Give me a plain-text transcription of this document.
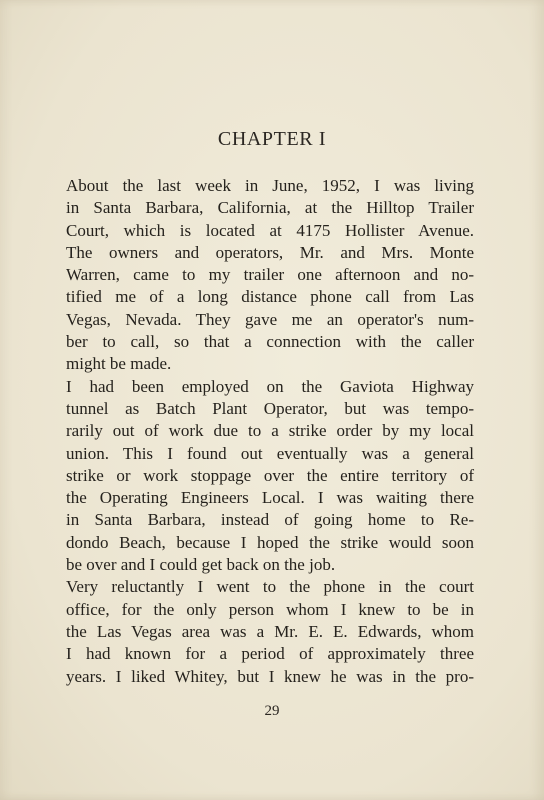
CHAPTER I
About the last week in June, 1952, I was living
in Santa Barbara, California, at the Hilltop Trailer
Court, which is located at 4175 Hollister Avenue.
The owners and operators, Mr. and Mrs. Monte
Warren, came to my trailer one afternoon and no-
tified me of a long distance phone call from Las
Vegas, Nevada. They gave me an operator's num-
ber to call, so that a connection with the caller
might be made.
I had been employed on the Gaviota Highway
tunnel as Batch Plant Operator, but was tempo-
rarily out of work due to a strike order by my local
union. This I found out eventually was a general
strike or work stoppage over the entire territory of
the Operating Engineers Local. I was waiting there
in Santa Barbara, instead of going home to Re-
dondo Beach, because I hoped the strike would soon
be over and I could get back on the job.
Very reluctantly I went to the phone in the court
office, for the only person whom I knew to be in
the Las Vegas area was a Mr. E. E. Edwards, whom
I had known for a period of approximately three
years. I liked Whitey, but I knew he was in the pro-
29
